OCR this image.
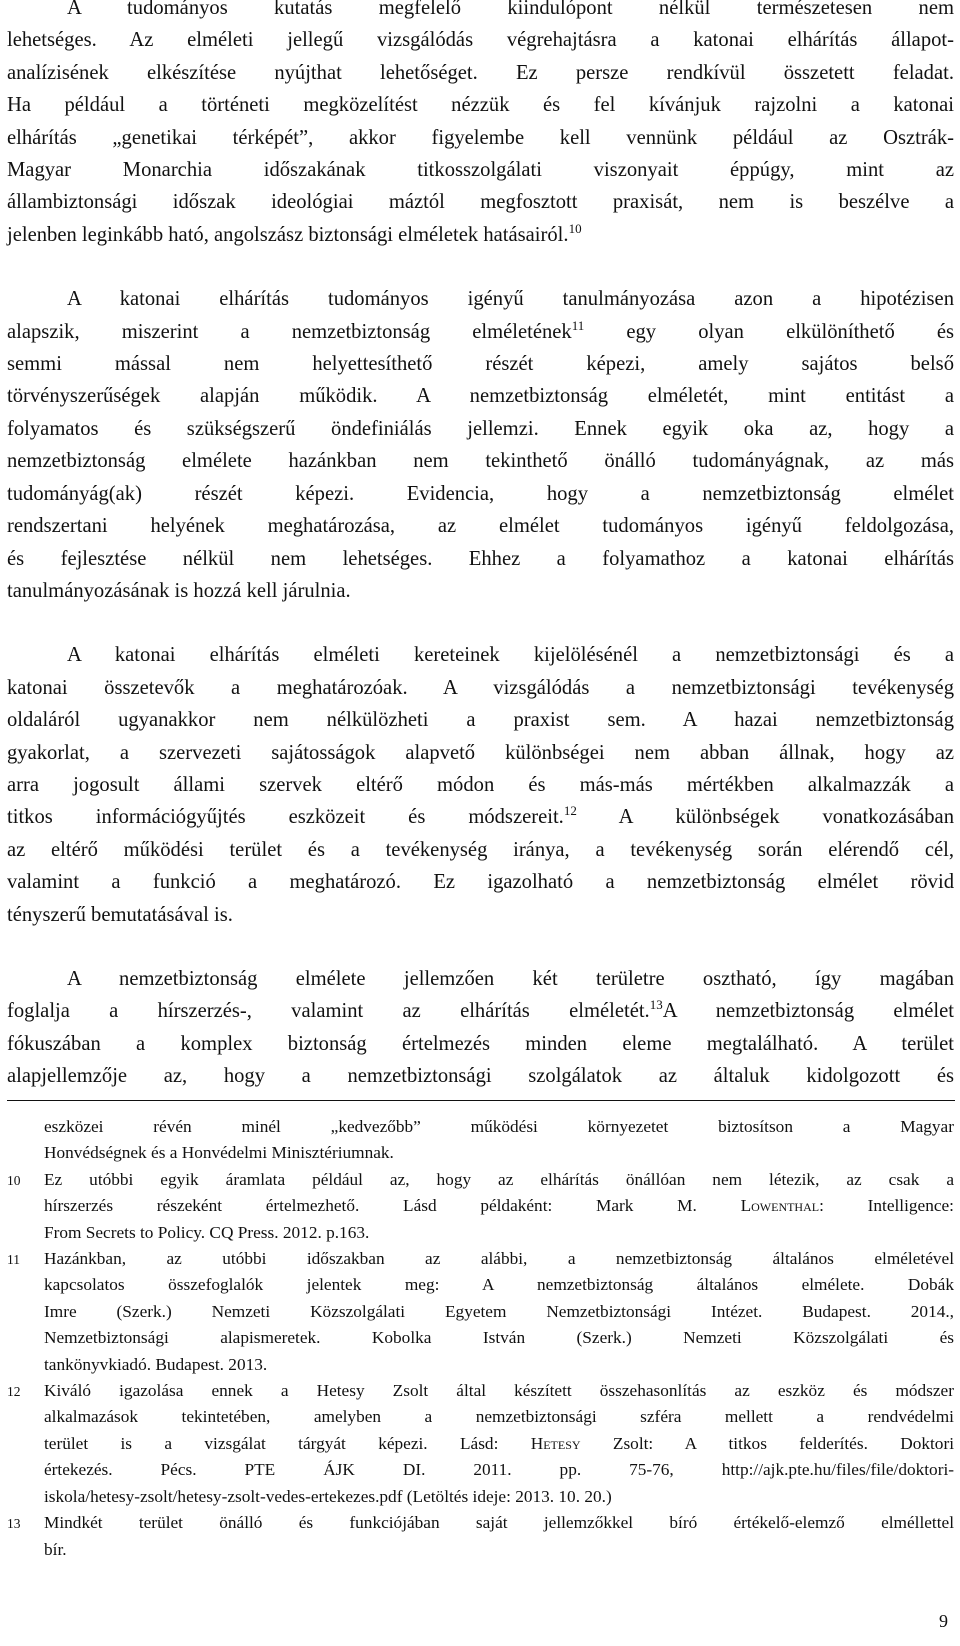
A tudományos kutatás megfelelő kiindulópont nélkül természetesen nem
lehetséges. Az elméleti jellegű vizsgálódás végrehajtásra a katonai elhárítás állapot-
analízisének elkészítése nyújthat lehetőséget. Ez persze rendkívül összetett feladat.
Ha például a történeti megközelítést nézzük és fel kívánjuk rajzolni a katonai
elhárítás „genetikai térképét”, akkor figyelembe kell vennünk például az Osztrák-
Magyar Monarchia időszakának titkosszolgálati viszonyait éppúgy, mint az
állambiztonsági időszak ideológiai máztól megfosztott praxisát, nem is beszélve a
jelenben leginkább ható, angolszász biztonsági elméletek hatásairól.$^{10}$

A katonai elhárítás tudományos igényű tanulmányozása azon a hipotézisen
alapszik, miszerint a nemzetbiztonság elméletének$^{11}$ egy olyan elkülöníthető és
semmi mással nem helyettesíthető részét képezi, amely sajátos belső
törvényszerűségek alapján működik. A nemzetbiztonság elméletét, mint entitást a
folyamatos és szükségszerű öndefiniálás jellemzi. Ennek egyik oka az, hogy a
nemzetbiztonság elmélete hazánkban nem tekinthető önálló tudományágnak, az más
tudományág(ak) részét képezi. Evidencia, hogy a nemzetbiztonság elmélet
rendszertani helyének meghatározása, az elmélet tudományos igényű feldolgozása,
és fejlesztése nélkül nem lehetséges. Ehhez a folyamathoz a katonai elhárítás
tanulmányozásának is hozzá kell járulnia.

A katonai elhárítás elméleti kereteinek kijelölésénél a nemzetbiztonsági és a
katonai összetevők a meghatározóak. A vizsgálódás a nemzetbiztonsági tevékenység
oldaláról ugyanakkor nem nélkülözheti a praxist sem. A hazai nemzetbiztonság
gyakorlat, a szervezeti sajátosságok alapvető különbségei nem abban állnak, hogy az
arra jogosult állami szervek eltérő módon és más-más mértékben alkalmazzák a
titkos információgyűjtés eszközeit és módszereit.$^{12}$ A különbségek vonatkozásában
az eltérő működési terület és a tevékenység iránya, a tevékenység során elérendő cél,
valamint a funkció a meghatározó. Ez igazolható a nemzetbiztonság elmélet rövid
tényszerű bemutatásával is.

A nemzetbiztonság elmélete jellemzően két területre osztható, így magában
foglalja a hírszerzés-, valamint az elhárítás elméletét.$^{13}$A nemzetbiztonság elmélet
fókuszában a komplex biztonság értelmezés minden eleme megtalálható. A terület
alapjellemzője az, hogy a nemzetbiztonsági szolgálatok az általuk kidolgozott és

eszközei révén minél „kedvezőbb” működési környezetet biztosítson a Magyar
Honvédségnek és a Honvédelmi Minisztériumnak.
10 Ez utóbbi egyik áramlata például az, hogy az elhárítás önállóan nem létezik, az csak a
hírszerzés részeként értelmezhető. Lásd példaként: Mark M. Lowenthal: Intelligence:
From Secrets to Policy. CQ Press. 2012. p.163.
11 Hazánkban, az utóbbi időszakban az alábbi, a nemzetbiztonság általános elméletével
kapcsolatos összefoglalók jelentek meg: A nemzetbiztonság általános elmélete. Dobák
Imre (Szerk.) Nemzeti Közszolgálati Egyetem Nemzetbiztonsági Intézet. Budapest. 2014.,
Nemzetbiztonsági alapismeretek. Kobolka István (Szerk.) Nemzeti Közszolgálati és
tankönyvkiadó. Budapest. 2013.
12 Kiváló igazolása ennek a Hetesy Zsolt által készített összehasonlítás az eszköz és módszer
alkalmazások tekintetében, amelyben a nemzetbiztonsági szféra mellett a rendvédelmi
terület is a vizsgálat tárgyát képezi. Lásd: Hetesy Zsolt: A titkos felderítés. Doktori
értekezés. Pécs. PTE ÁJK DI. 2011. pp. 75-76, http://ajk.pte.hu/files/file/doktori-
iskola/hetesy-zsolt/hetesy-zsolt-vedes-ertekezes.pdf (Letöltés ideje: 2013. 10. 20.)
13 Mindkét terület önálló és funkciójában saját jellemzőkkel bíró értékelő-elemző elméllettel
bír.
9
